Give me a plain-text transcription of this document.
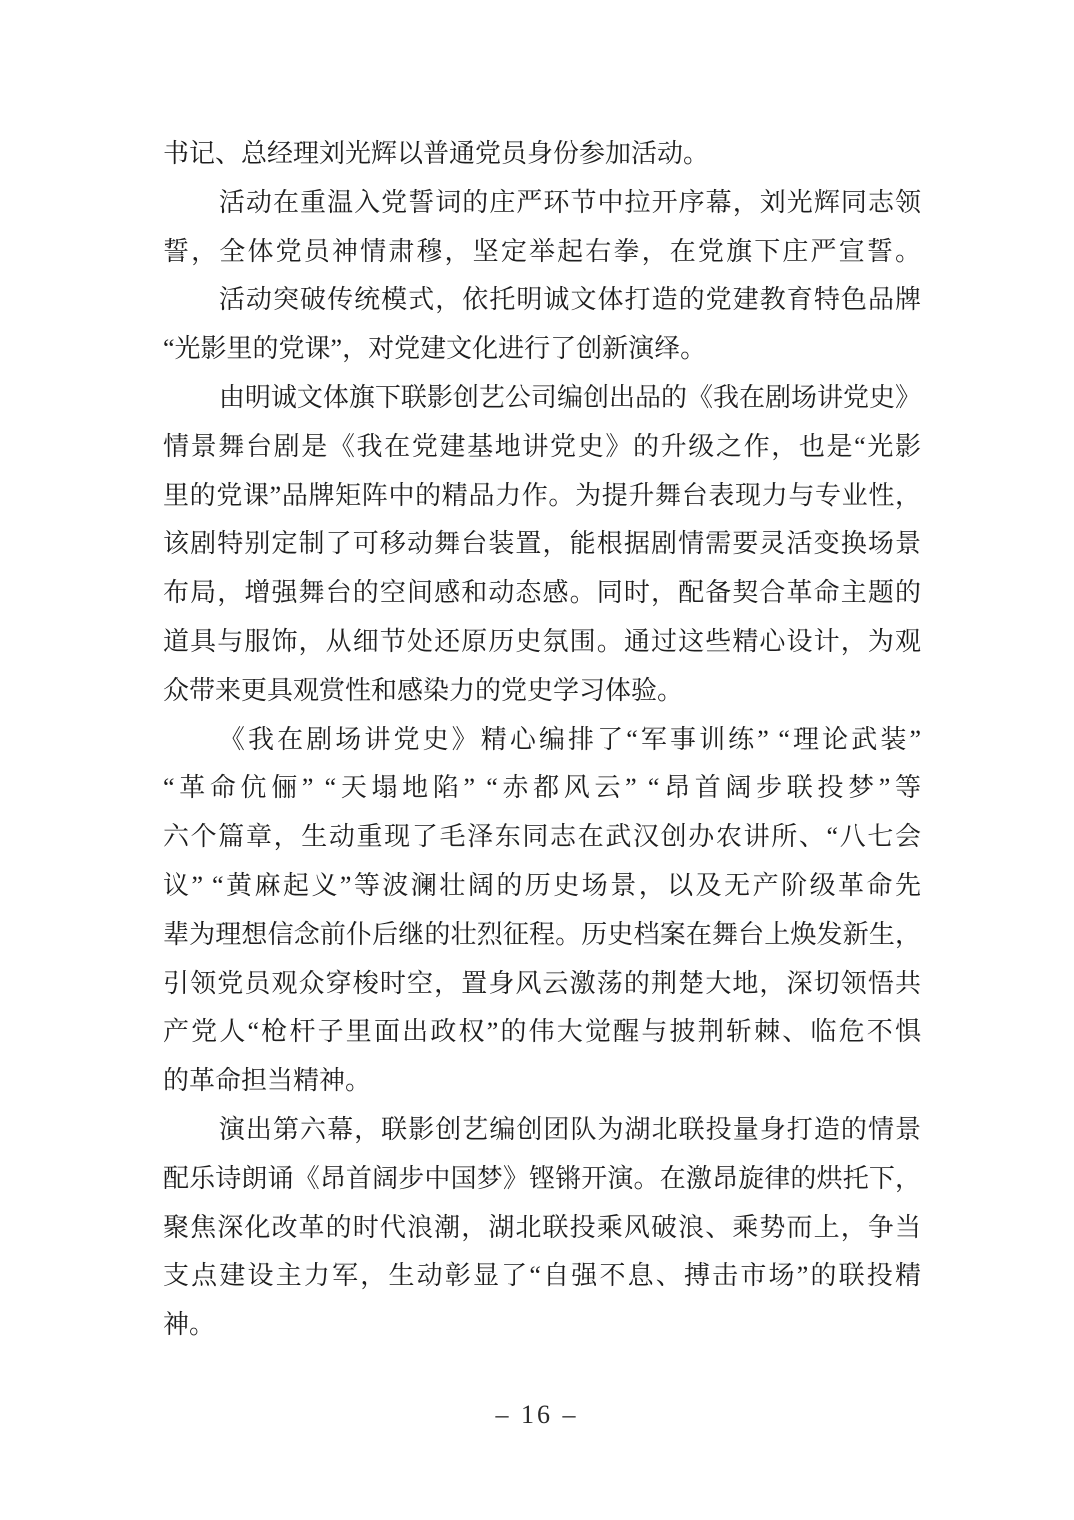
书记、总经理刘光辉以普通党员身份参加活动。
活动在重温入党誓词的庄严环节中拉开序幕，刘光辉同志领
誓，全体党员神情肃穆，坚定举起右拳，在党旗下庄严宣誓。
活动突破传统模式，依托明诚文体打造的党建教育特色品牌
“光影里的党课”，对党建文化进行了创新演绎。
由明诚文体旗下联影创艺公司编创出品的《我在剧场讲党史》
情景舞台剧是《我在党建基地讲党史》的升级之作，也是“光影
里的党课”品牌矩阵中的精品力作。为提升舞台表现力与专业性，
该剧特别定制了可移动舞台装置，能根据剧情需要灵活变换场景
布局，增强舞台的空间感和动态感。同时，配备契合革命主题的
道具与服饰，从细节处还原历史氛围。通过这些精心设计，为观
众带来更具观赏性和感染力的党史学习体验。
《我在剧场讲党史》精心编排了“军事训练” “理论武装”
“革命伉俪” “天塌地陷” “赤都风云” “昂首阔步联投梦”等
六个篇章，生动重现了毛泽东同志在武汉创办农讲所、“八七会
议” “黄麻起义”等波澜壮阔的历史场景，以及无产阶级革命先
辈为理想信念前仆后继的壮烈征程。历史档案在舞台上焕发新生，
引领党员观众穿梭时空，置身风云激荡的荆楚大地，深切领悟共
产党人“枪杆子里面出政权”的伟大觉醒与披荆斩棘、临危不惧
的革命担当精神。
演出第六幕，联影创艺编创团队为湖北联投量身打造的情景
配乐诗朗诵《昂首阔步中国梦》铿锵开演。在激昂旋律的烘托下，
聚焦深化改革的时代浪潮，湖北联投乘风破浪、乘势而上，争当
支点建设主力军，生动彰显了“自强不息、搏击市场”的联投精
神。
– 16 –
